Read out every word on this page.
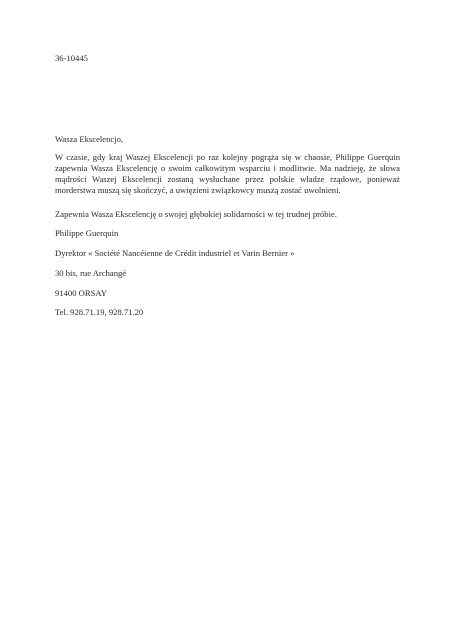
36-10445

Wasza Ekscelencjo,

W czasie, gdy kraj Waszej Ekscelencji po raz kolejny pogrąża się w chaosie, Philippe Guerquin zapewnia Wasza Ekscelencję o swoim całkowitym wsparciu i modlitwie. Ma nadzieję, że słowa mądrości Waszej Ekscelencji zostaną wysłuchane przez polskie władze rządowe, ponieważ morderstwa muszą się skończyć, a uwięzieni związkowcy muszą zostać uwolnieni.

Zapewnia Wasza Ekscelencję o swojej głębokiej solidarności w tej trudnej próbie.

Philippe Guerquin

Dyrektor « Société Nancéienne de Crédit industriel et Varin Bernier »

30 bis, rue Archangé

91400 ORSAY

Tel. 928.71.19, 928.71.20
